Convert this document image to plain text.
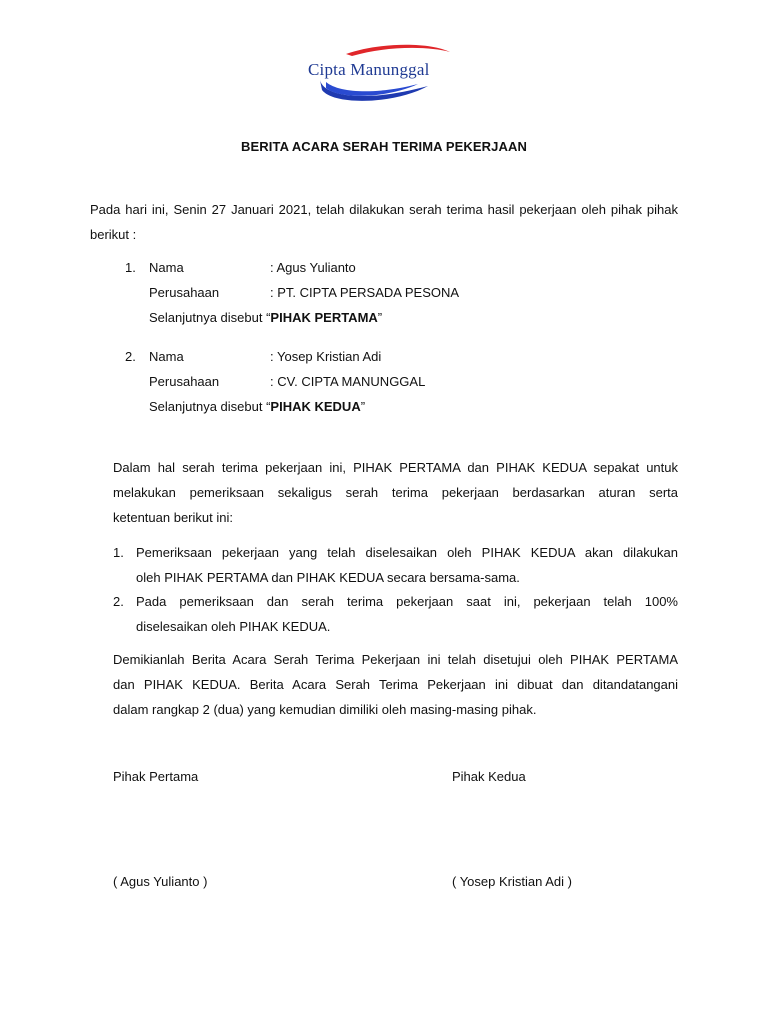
Cipta Manunggal
BERITA ACARA SERAH TERIMA PEKERJAAN
Pada hari ini, Senin 27 Januari 2021, telah dilakukan serah terima hasil pekerjaan oleh pihak pihak berikut :
1. Nama	: Agus Yulianto
Perusahaan	: PT. CIPTA PERSADA PESONA
Selanjutnya disebut “PIHAK PERTAMA”
2. Nama	: Yosep Kristian Adi
Perusahaan	: CV. CIPTA MANUNGGAL
Selanjutnya disebut “PIHAK KEDUA”
Dalam hal serah terima pekerjaan ini, PIHAK PERTAMA dan PIHAK KEDUA sepakat untuk
melakukan pemeriksaan sekaligus serah terima pekerjaan berdasarkan aturan serta
ketentuan berikut ini:
1. Pemeriksaan pekerjaan yang telah diselesaikan oleh PIHAK KEDUA akan dilakukan
oleh PIHAK PERTAMA dan PIHAK KEDUA secara bersama-sama.
2. Pada pemeriksaan dan serah terima pekerjaan saat ini, pekerjaan telah 100%
diselesaikan oleh PIHAK KEDUA.
Demikianlah Berita Acara Serah Terima Pekerjaan ini telah disetujui oleh PIHAK PERTAMA
dan PIHAK KEDUA. Berita Acara Serah Terima Pekerjaan ini dibuat dan ditandatangani
dalam rangkap 2 (dua) yang kemudian dimiliki oleh masing-masing pihak.
Pihak Pertama	Pihak Kedua
( Agus Yulianto )	( Yosep Kristian Adi )
